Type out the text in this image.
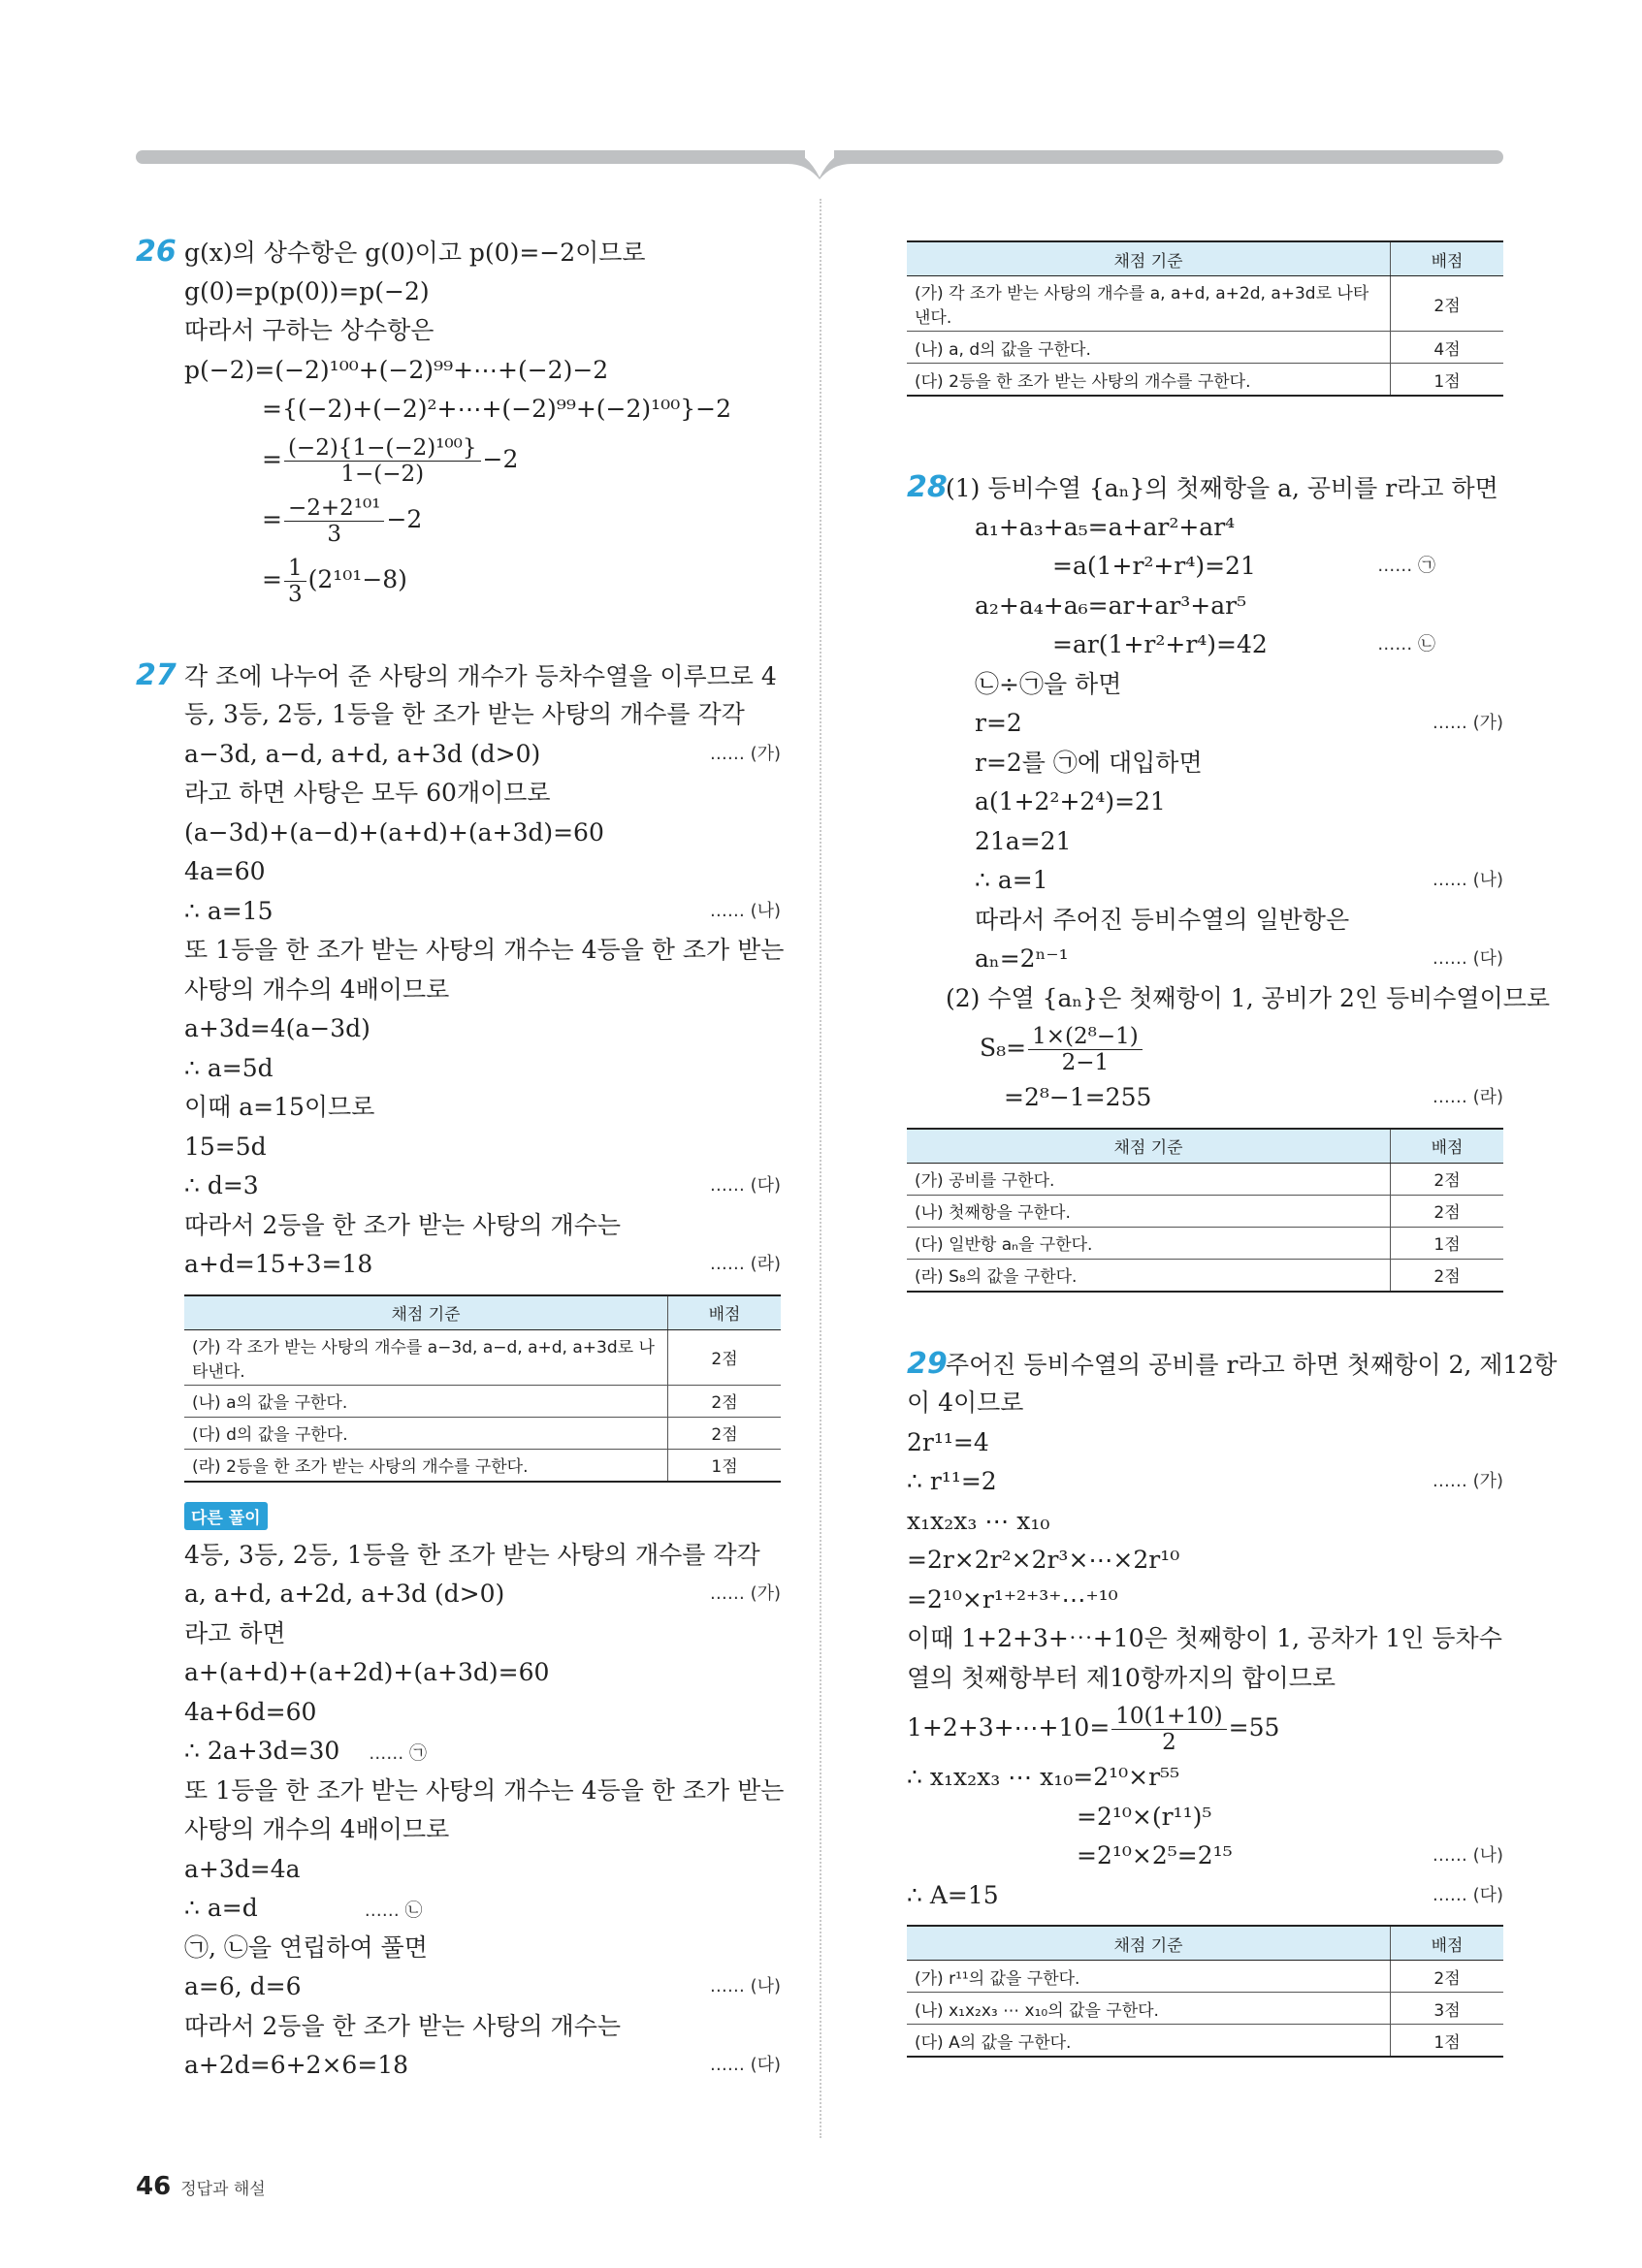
26 g(x)의 상수항은 g(0)이고 p(0)=−2이므로
g(0)=p(p(0))=p(−2)
따라서 구하는 상수항은
p(−2)=(−2)¹⁰⁰+(−2)⁹⁹+⋯+(−2)−2
={(−2)+(−2)²+⋯+(−2)⁹⁹+(−2)¹⁰⁰}−2
= $\frac{\text{(−2)\{1−(−2)¹⁰⁰\}}}{1-(-2)} -2$
= $\frac{\text{−2+2¹⁰¹}}{3} -2$
= $\frac{1}{3} (2^{101}-8)$
27 각 조에 나누어 준 사탕의 개수가 등차수열을 이루므로 4
등, 3등, 2등, 1등을 한 조가 받는 사탕의 개수를 각각
a−3d, a−d, a+d, a+3d (d>0)	…… (가)
라고 하면 사탕은 모두 60개이므로
(a−3d)+(a−d)+(a+d)+(a+3d)=60
4a=60
∴ a=15	…… (나)
또 1등을 한 조가 받는 사탕의 개수는 4등을 한 조가 받는
사탕의 개수의 4배이므로
a+3d=4(a−3d)
∴ a=5d
이때 a=15이므로
15=5d
∴ d=3	…… (다)
따라서 2등을 한 조가 받는 사탕의 개수는
a+d=15+3=18	…… (라)
채점 기준	배점
(가) 각 조가 받는 사탕의 개수를 a−3d, a−d, a+d, a+3d로 나타낸다.	2점
(나) a의 값을 구한다.	2점
(다) d의 값을 구한다.	2점
(라) 2등을 한 조가 받는 사탕의 개수를 구한다.	1점
다른 풀이
4등, 3등, 2등, 1등을 한 조가 받는 사탕의 개수를 각각
a, a+d, a+2d, a+3d (d>0)	…… (가)
라고 하면
a+(a+d)+(a+2d)+(a+3d)=60
4a+6d=60
∴ 2a+3d=30 …… ㉠
또 1등을 한 조가 받는 사탕의 개수는 4등을 한 조가 받는
사탕의 개수의 4배이므로
a+3d=4a
∴ a=d	…… ㉡
㉠, ㉡을 연립하여 풀면
a=6, d=6	…… (나)
따라서 2등을 한 조가 받는 사탕의 개수는
a+2d=6+2×6=18	…… (다)
채점 기준	배점
(가) 각 조가 받는 사탕의 개수를 a, a+d, a+2d, a+3d로 나타낸다.	2점
(나) a, d의 값을 구한다.	4점
(다) 2등을 한 조가 받는 사탕의 개수를 구한다.	1점
28(1) 등비수열 {aₙ}의 첫째항을 a, 공비를 r라고 하면
a₁+a₃+a₅=a+ar²+ar⁴
=a(1+r²+r⁴)=21	…… ㉠
a₂+a₄+a₆=ar+ar³+ar⁵
=ar(1+r²+r⁴)=42	…… ㉡
㉡÷㉠을 하면
r=2	…… (가)
r=2를 ㉠에 대입하면
a(1+2²+2⁴)=21
21a=21
∴ a=1	…… (나)
따라서 주어진 등비수열의 일반항은
aₙ=2ⁿ⁻¹	…… (다)
(2) 수열 {aₙ}은 첫째항이 1, 공비가 2인 등비수열이므로
$S_8= \frac{\text{1×(2⁸−1)}}{2-1}$
=2⁸−1=255	…… (라)
채점 기준	배점
(가) 공비를 구한다.	2점
(나) 첫째항을 구한다.	2점
(다) 일반항 aₙ을 구한다.	1점
(라) S₈의 값을 구한다.	2점
29주어진 등비수열의 공비를 r라고 하면 첫째항이 2, 제12항
이 4이므로
2r¹¹=4
∴ r¹¹=2	…… (가)
x₁x₂x₃ ⋯ x₁₀
=2r×2r²×2r³×⋯×2r¹⁰
=2¹⁰×r¹⁺²⁺³⁺⋯⁺¹⁰
이때 1+2+3+⋯+10은 첫째항이 1, 공차가 1인 등차수
열의 첫째항부터 제10항까지의 합이므로
1+2+3+⋯+10= $\frac{10(1+10)}{2} =55$
∴ x₁x₂x₃ ⋯ x₁₀=2¹⁰×r⁵⁵
=2¹⁰×(r¹¹)⁵
=2¹⁰×2⁵=2¹⁵	…… (나)
∴ A=15	…… (다)
채점 기준	배점
(가) r¹¹의 값을 구한다.	2점
(나) x₁x₂x₃ ⋯ x₁₀의 값을 구한다.	3점
(다) A의 값을 구한다.	1점
46 정답과 해설
